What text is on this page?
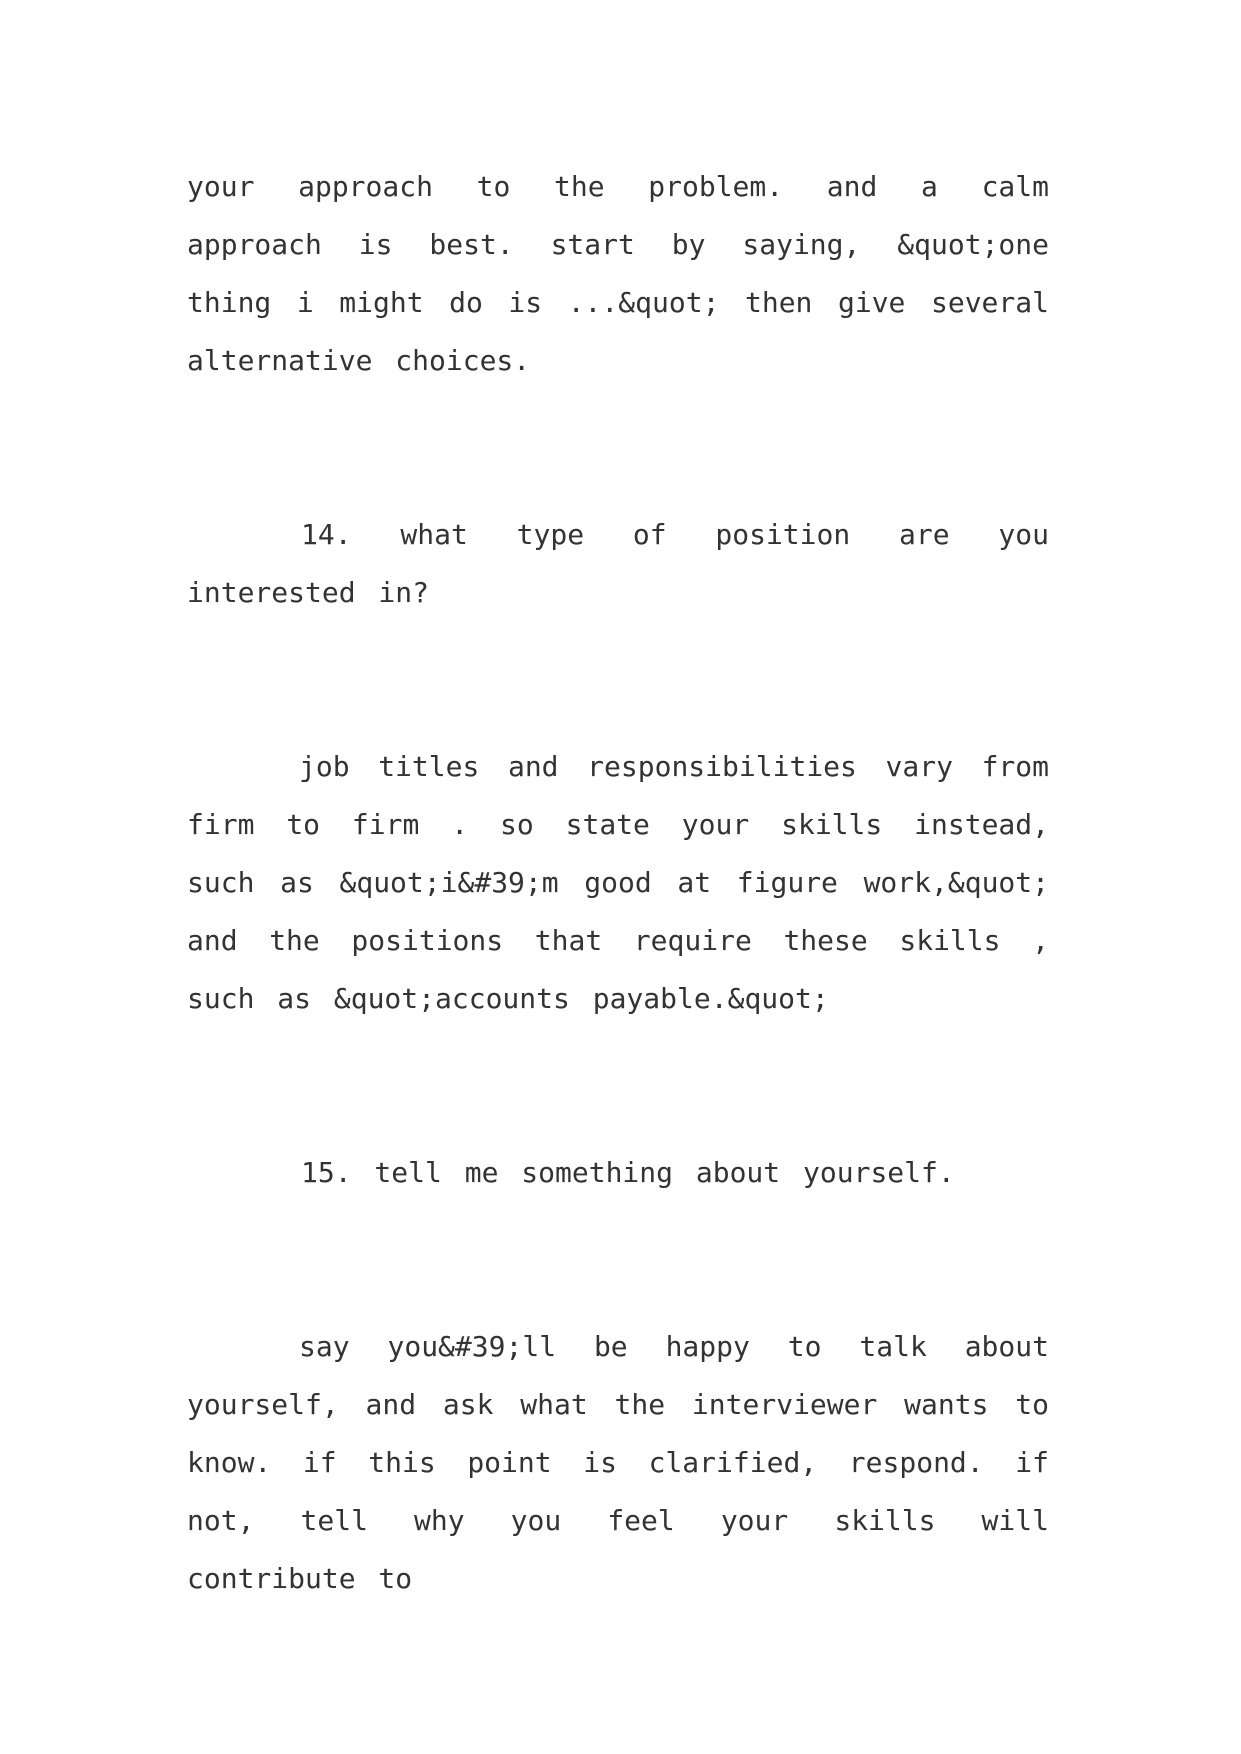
your approach to the problem. and a calm approach is best. start by saying, &quot;one thing i might do is ...&quot; then give several alternative choices.

14. what type of position are you interested in?

job titles and responsibilities vary from firm to firm . so state your skills instead, such as &quot;i&#39;m good at figure work,&quot; and the positions that require these skills , such as &quot;accounts payable.&quot;

15. tell me something about yourself.

say you&#39;ll be happy to talk about yourself, and ask what the interviewer wants to know. if this point is clarified, respond. if not, tell why you feel your skills will contribute to
